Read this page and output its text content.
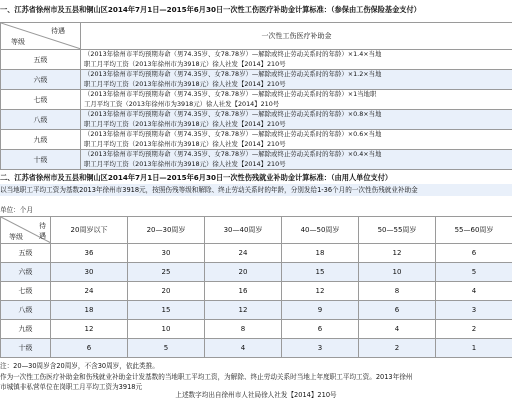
一、江苏省徐州市及五县和铜山区2014年7月1日—2015年6月30日一次性工伤医疗补助金计算标准：（参保由工伤保险基金支付）
待遇
等级	一次性工伤医疗补助金
五级	（2013年徐州市平均预期寿命（男74.35岁、女78.78岁）—解除或终止劳动关系时的年龄）×1.4×当地
职工月平均工资（2013年徐州市为3918元）徐人社发【2014】210号

六级	（2013年徐州市平均预期寿命（男74.35岁、女78.78岁）—解除或终止劳动关系时的年龄）×1.2×当地
职工月平均工资（2013年徐州市为3918元）徐人社发【2014】210号

七级	（2013年徐州市平均预期寿命（男74.35岁、女78.78岁）—解除或终止劳动关系时的年龄）×1当地职
工月平均工资（2013年徐州市为3918元）徐人社发【2014】210号

八级	（2013年徐州市平均预期寿命（男74.35岁、女78.78岁）—解除或终止劳动关系时的年龄）×0.8×当地
职工月平均工资（2013年徐州市为3918元）徐人社发【2014】210号

九级	（2013年徐州市平均预期寿命（男74.35岁、女78.78岁）—解除或终止劳动关系时的年龄）×0.6×当地
职工月平均工资（2013年徐州市为3918元）徐人社发【2014】210号

十级	（2013年徐州市平均预期寿命（男74.35岁、女78.78岁）—解除或终止劳动关系时的年龄）×0.4×当地
职工月平均工资（2013年徐州市为3918元）徐人社发【2014】210号
二、江苏省徐州市及五县和铜山区2014年7月1日—2015年6月30日一次性伤残就业补助金计算标准：（由用人单位支付）
以当地职工平均工资为基数2013年徐州市3918元，按照伤残等级和解除、终止劳动关系时的年龄，分别发给1-36个月的一次性伤残就业补助金
单位：个月
待遇
等级	20周岁以下	20—30周岁	30—40周岁	40—50周岁	50—55周岁	55—60周岁
五级	36	30	24	18	12	6
六级	30	25	20	15	10	5
七级	24	20	16	12	8	4
八级	18	15	12	9	6	3
九级	12	10	8	6	4	2
十级	6	5	4	3	2	1
注：20—30周岁含20周岁，不含30周岁，依此类推。
作为一次性工伤医疗补助金和伤残就业补助金计发基数的当地职工平均工资，为解除、终止劳动关系时当地上年度职工平均工资。2013年徐州
市城镇非私营单位在岗职工月平均工资为3918元
上述数字均出自徐州市人社局徐人社发【2014】210号
